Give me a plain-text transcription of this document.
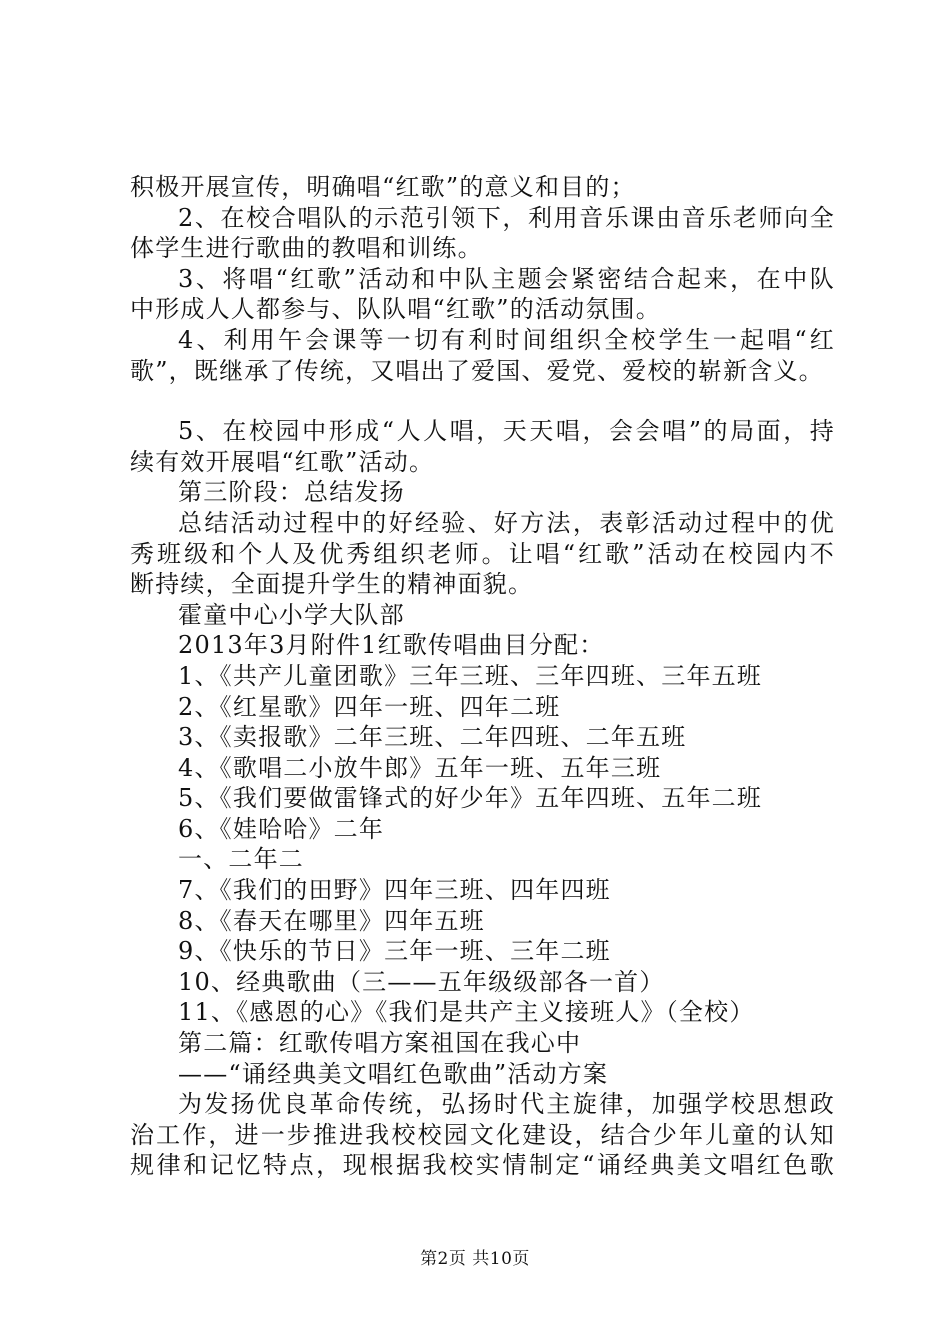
积极开展宣传，明确唱“红歌”的意义和目的；
2、在校合唱队的示范引领下，利用音乐课由音乐老师向全
体学生进行歌曲的教唱和训练。
3、将唱“红歌”活动和中队主题会紧密结合起来，在中队
中形成人人都参与、队队唱“红歌”的活动氛围。
4、利用午会课等一切有利时间组织全校学生一起唱“红
歌”，既继承了传统，又唱出了爱国、爱党、爱校的崭新含义。
5、在校园中形成“人人唱，天天唱，会会唱”的局面，持
续有效开展唱“红歌”活动。
第三阶段：总结发扬
总结活动过程中的好经验、好方法，表彰活动过程中的优
秀班级和个人及优秀组织老师。让唱“红歌”活动在校园内不
断持续，全面提升学生的精神面貌。
霍童中心小学大队部
2013年3月附件1红歌传唱曲目分配：
1、《共产儿童团歌》三年三班、三年四班、三年五班
2、《红星歌》四年一班、四年二班
3、《卖报歌》二年三班、二年四班、二年五班
4、《歌唱二小放牛郎》五年一班、五年三班
5、《我们要做雷锋式的好少年》五年四班、五年二班
6、《娃哈哈》二年
一、二年二
7、《我们的田野》四年三班、四年四班
8、《春天在哪里》四年五班
9、《快乐的节日》三年一班、三年二班
10、经典歌曲（三——五年级级部各一首）
11、《感恩的心》《我们是共产主义接班人》（全校）
第二篇：红歌传唱方案祖国在我心中
——“诵经典美文唱红色歌曲”活动方案
为发扬优良革命传统，弘扬时代主旋律，加强学校思想政
治工作，进一步推进我校校园文化建设，结合少年儿童的认知
规律和记忆特点，现根据我校实情制定“诵经典美文唱红色歌
第2页 共10页
